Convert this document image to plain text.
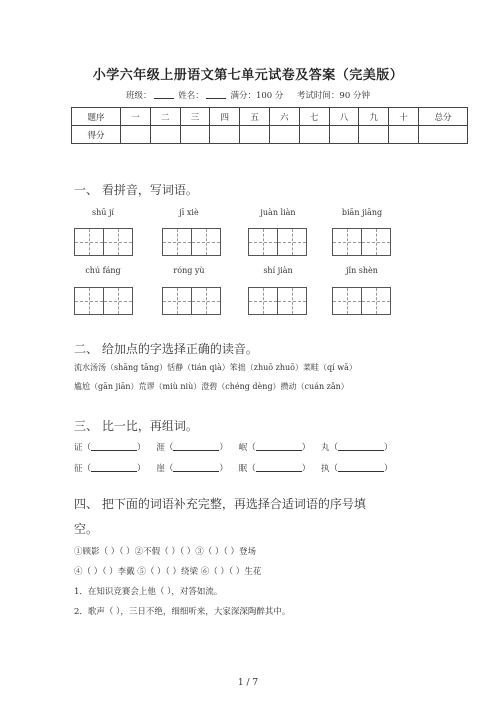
小学六年级上册语文第七单元试卷及答案（完美版）
班级：	姓名：	满分：100 分 考试时间：90 分钟
题序	一	二	三	四	五	六	七	八	九	十	总分
得分											
一、 看拼音，写词语。
shū jí	jī xiè	juàn liàn	biān jiāng
chú fáng	róng yù	shí jiàn	jǐn shèn
二、 给加点的字选择正确的读音。
流水汤汤（shāng tāng）恬静（tián qià）笨拙（zhuō zhuō）菜畦（qí wā）
尴尬（gān jiān）荒谬（miù niù）澄碧（chéng dèng）攒动（cuán zǎn）
三、 比一比，再组词。
证（	） 涯（	） 岷（	） 丸（	）
征（	） 崖（	） 眠（	） 执（	）
四、 把下面的词语补充完整，再选择合适词语的序号填
空。
①顾影（ ）（ ）②不假（ ）（ ）③（ ）（ ）登场
④（ ）（ ）李戴 ⑤（ ）（ ）绕梁 ⑥（ ）（ ）生花
1．在知识竞赛会上他（ ），对答如流。
2．歌声（ ），三日不绝，细细听来，大家深深陶醉其中。
1 / 7
